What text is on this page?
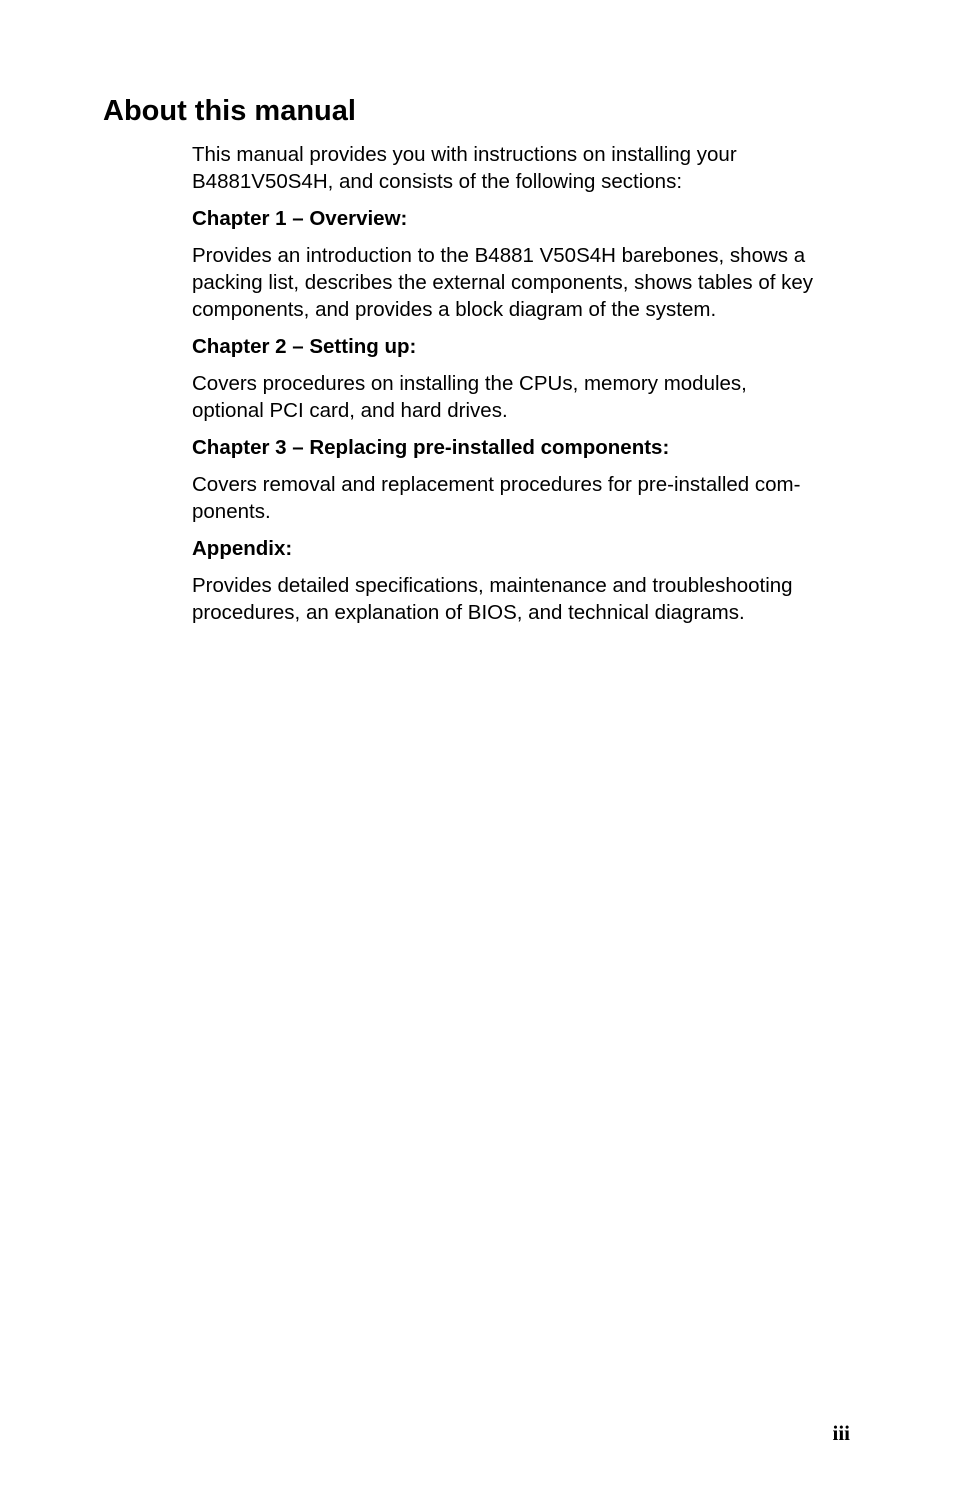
About this manual

This manual provides you with instructions on installing your
B4881V50S4H, and consists of the following sections:

Chapter 1 – Overview:

Provides an introduction to the B4881 V50S4H barebones, shows a
packing list, describes the external components, shows tables of key
components, and provides a block diagram of the system.

Chapter 2 – Setting up:

Covers procedures on installing the CPUs, memory modules,
optional PCI card, and hard drives.

Chapter 3 – Replacing pre-installed components:

Covers removal and replacement procedures for pre-installed com-
ponents.

Appendix:

Provides detailed specifications, maintenance and troubleshooting
procedures, an explanation of BIOS, and technical diagrams.

iii
